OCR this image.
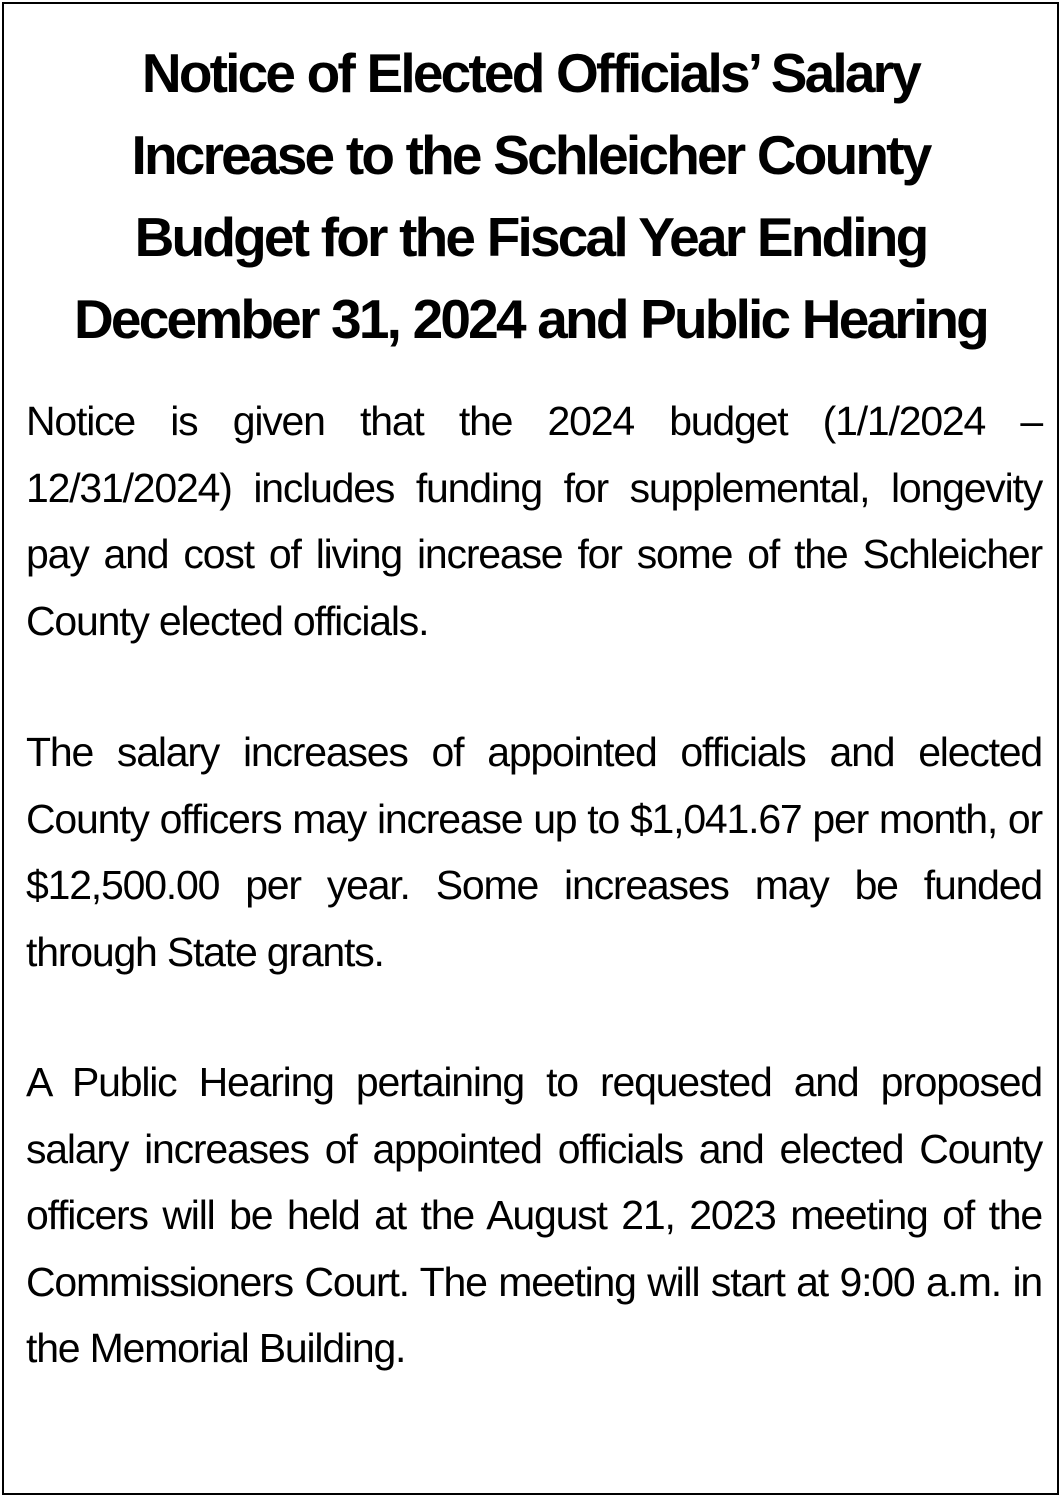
Notice of Elected Officials’ Salary
Increase to the Schleicher County
Budget for the Fiscal Year Ending
December 31, 2024 and Public Hearing

Notice is given that the 2024 budget (1/1/2024 – 12/31/2024) includes funding for supplemental, longevity pay and cost of living increase for some of the Schleicher County elected officials.

The salary increases of appointed officials and elected County officers may increase up to $1,041.67 per month, or $12,500.00 per year. Some increases may be funded through State grants.

A Public Hearing pertaining to requested and proposed salary increases of appointed officials and elected County officers will be held at the August 21, 2023 meeting of the Commissioners Court. The meeting will start at 9:00 a.m. in the Memorial Building.
